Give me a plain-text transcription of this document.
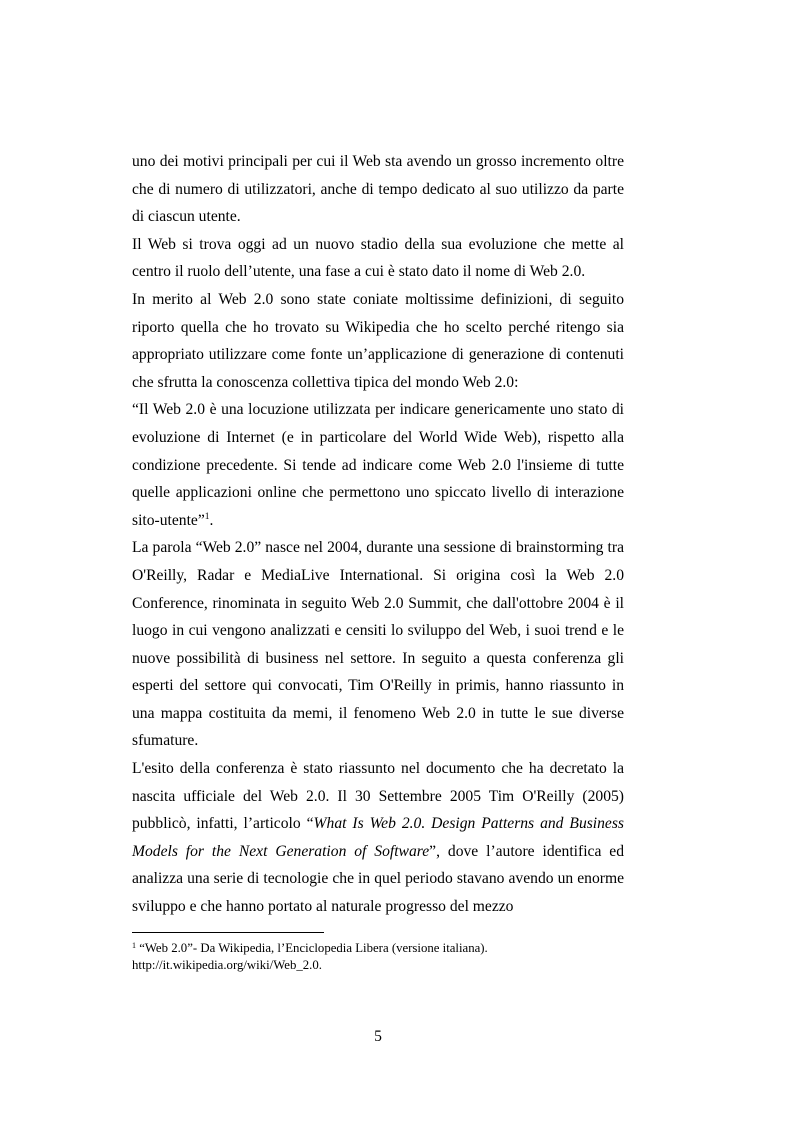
uno dei motivi principali per cui il Web sta avendo un grosso incremento oltre che di numero di utilizzatori, anche di tempo dedicato al suo utilizzo da parte di ciascun utente.

Il Web si trova oggi ad un nuovo stadio della sua evoluzione che mette al centro il ruolo dell’utente, una fase a cui è stato dato il nome di Web 2.0.

In merito al Web 2.0 sono state coniate moltissime definizioni, di seguito riporto quella che ho trovato su Wikipedia che ho scelto perché ritengo sia appropriato utilizzare come fonte un’applicazione di generazione di contenuti che sfrutta la conoscenza collettiva tipica del mondo Web 2.0:

“Il Web 2.0 è una locuzione utilizzata per indicare genericamente uno stato di evoluzione di Internet (e in particolare del World Wide Web), rispetto alla condizione precedente. Si tende ad indicare come Web 2.0 l'insieme di tutte quelle applicazioni online che permettono uno spiccato livello di interazione sito-utente”$^1$.

La parola “Web 2.0” nasce nel 2004, durante una sessione di brainstorming tra O'Reilly, Radar e MediaLive International. Si origina così la Web 2.0 Conference, rinominata in seguito Web 2.0 Summit, che dall'ottobre 2004 è il luogo in cui vengono analizzati e censiti lo sviluppo del Web, i suoi trend e le nuove possibilità di business nel settore. In seguito a questa conferenza gli esperti del settore qui convocati, Tim O'Reilly in primis, hanno riassunto in una mappa costituita da memi, il fenomeno Web 2.0 in tutte le sue diverse sfumature.

L'esito della conferenza è stato riassunto nel documento che ha decretato la nascita ufficiale del Web 2.0. Il 30 Settembre 2005 Tim O'Reilly (2005) pubblicò, infatti, l’articolo “What Is Web 2.0. Design Patterns and Business Models for the Next Generation of Software”, dove l’autore identifica ed analizza una serie di tecnologie che in quel periodo stavano avendo un enorme sviluppo e che hanno portato al naturale progresso del mezzo

$^1$ “Web 2.0”- Da Wikipedia, l’Enciclopedia Libera (versione italiana).

http://it.wikipedia.org/wiki/Web_2.0.

5
